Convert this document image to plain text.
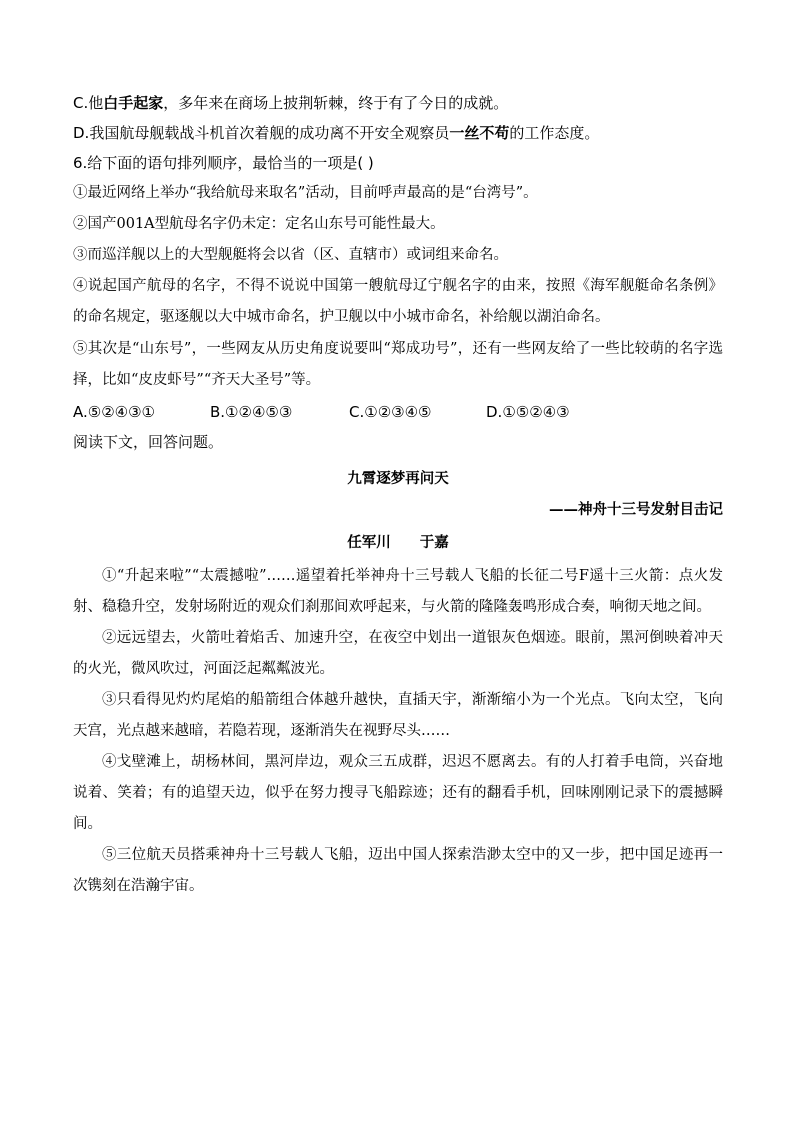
C.他白手起家，多年来在商场上披荆斩棘，终于有了今日的成就。

D.我国航母舰载战斗机首次着舰的成功离不开安全观察员一丝不苟的工作态度。

6.给下面的语句排列顺序，最恰当的一项是( )

①最近网络上举办“我给航母来取名”活动，目前呼声最高的是“台湾号”。

②国产001A型航母名字仍未定：定名山东号可能性最大。

③而巡洋舰以上的大型舰艇将会以省（区、直辖市）或词组来命名。

④说起国产航母的名字，不得不说说中国第一艘航母辽宁舰名字的由来，按照《海军舰艇命名条例》的命名规定，驱逐舰以大中城市命名，护卫舰以中小城市命名，补给舰以湖泊命名。

⑤其次是“山东号”，一些网友从历史角度说要叫“郑成功号”，还有一些网友给了一些比较萌的名字选择，比如“皮皮虾号”“齐天大圣号”等。

A.⑤②④③①	B.①②④⑤③	C.①②③④⑤	D.①⑤②④③

阅读下文，回答问题。

九霄逐梦再问天
——神舟十三号发射目击记
任军川　　于嘉

①“升起来啦”“太震撼啦”……遥望着托举神舟十三号载人飞船的长征二号F遥十三火箭：点火发射、稳稳升空，发射场附近的观众们刹那间欢呼起来，与火箭的隆隆轰鸣形成合奏，响彻天地之间。

②远远望去，火箭吐着焰舌、加速升空，在夜空中划出一道银灰色烟迹。眼前，黑河倒映着冲天的火光，微风吹过，河面泛起粼粼波光。

③只看得见灼灼尾焰的船箭组合体越升越快，直插天宇，渐渐缩小为一个光点。飞向太空，飞向天宫，光点越来越暗，若隐若现，逐渐消失在视野尽头……

④戈壁滩上，胡杨林间，黑河岸边，观众三五成群，迟迟不愿离去。有的人打着手电筒，兴奋地说着、笑着；有的追望天边，似乎在努力搜寻飞船踪迹；还有的翻看手机，回味刚刚记录下的震撼瞬间。

⑤三位航天员搭乘神舟十三号载人飞船，迈出中国人探索浩渺太空中的又一步，把中国足迹再一次镌刻在浩瀚宇宙。
